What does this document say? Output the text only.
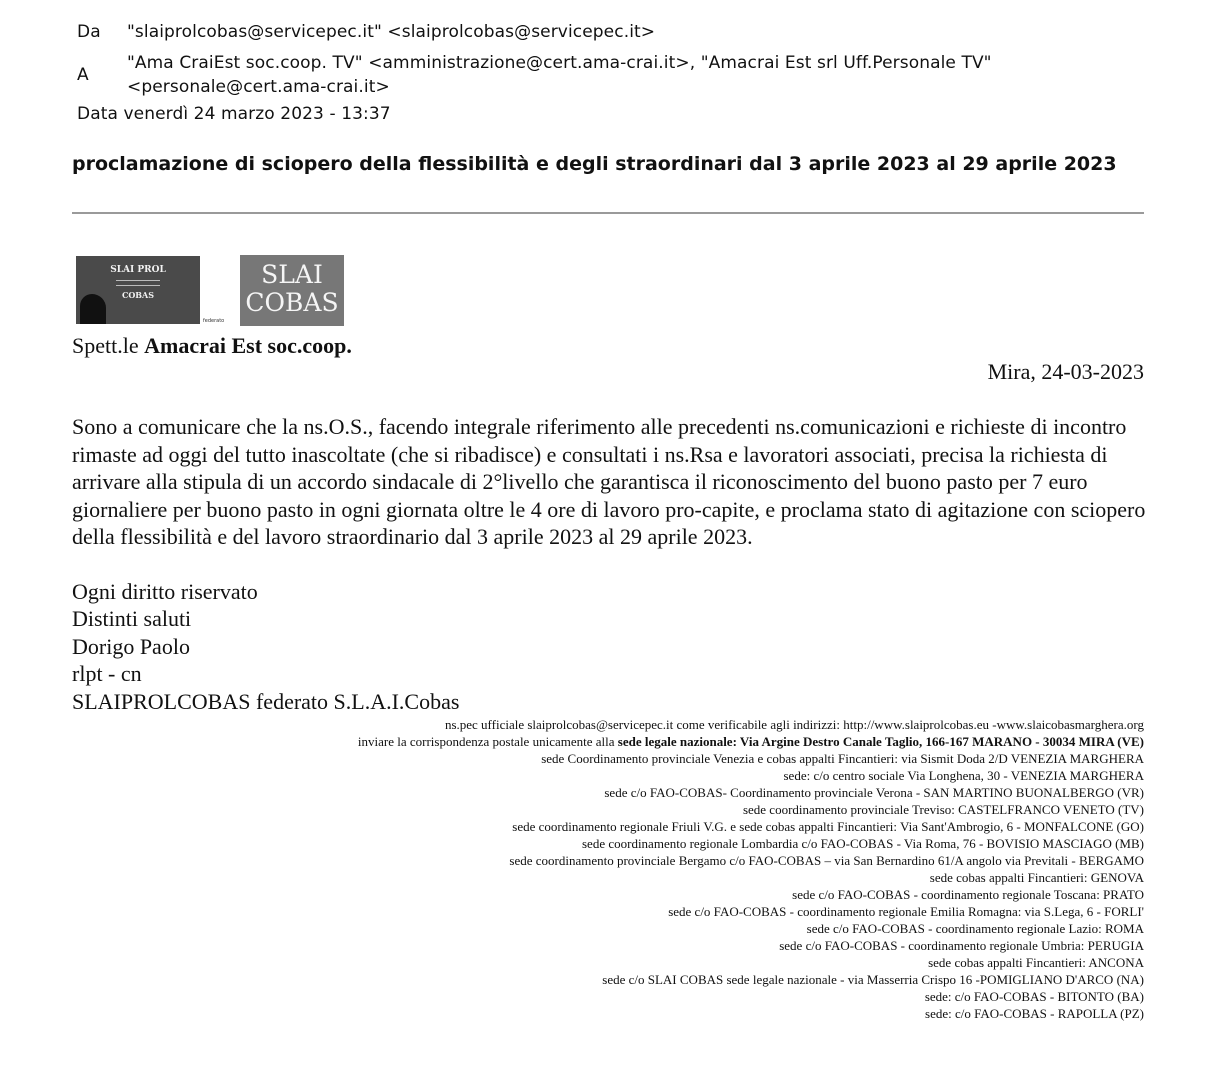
Da "slaiprolcobas@servicepec.it" <slaiprolcobas@servicepec.it>
A
"Ama CraiEst soc.coop. TV" <amministrazione@cert.ama-crai.it>, "Amacrai Est srl Uff.Personale TV"
<personale@cert.ama-crai.it>
Data venerdì 24 marzo 2023 - 13:37
proclamazione di sciopero della flessibilità e degli straordinari dal 3 aprile 2023 al 29 aprile 2023
SLAI PROL
COBAS
federato
SLAI
COBAS
Spett.le Amacrai Est soc.coop.
Mira, 24-03-2023
Sono a comunicare che la ns.O.S., facendo integrale riferimento alle precedenti ns.comunicazioni e richieste di incontro rimaste ad oggi del tutto inascoltate (che si ribadisce) e consultati i ns.Rsa e lavoratori associati, precisa la richiesta di arrivare alla stipula di un accordo sindacale di 2°livello che garantisca il riconoscimento del buono pasto per 7 euro giornaliere per buono pasto in ogni giornata oltre le 4 ore di lavoro pro-capite, e proclama stato di agitazione con sciopero della flessibilità e del lavoro straordinario dal 3 aprile 2023 al 29 aprile 2023.
Ogni diritto riservato
Distinti saluti
Dorigo Paolo
rlpt - cn
SLAIPROLCOBAS federato S.L.A.I.Cobas
ns.pec ufficiale slaiprolcobas@servicepec.it come verificabile agli indirizzi: http://www.slaiprolcobas.eu -www.slaicobasmarghera.org
inviare la corrispondenza postale unicamente alla sede legale nazionale: Via Argine Destro Canale Taglio, 166-167 MARANO - 30034 MIRA (VE)
sede Coordinamento provinciale Venezia e cobas appalti Fincantieri: via Sismit Doda 2/D VENEZIA MARGHERA
sede: c/o centro sociale Via Longhena, 30 - VENEZIA MARGHERA
sede c/o FAO-COBAS- Coordinamento provinciale Verona - SAN MARTINO BUONALBERGO (VR)
sede coordinamento provinciale Treviso: CASTELFRANCO VENETO (TV)
sede coordinamento regionale Friuli V.G. e sede cobas appalti Fincantieri: Via Sant'Ambrogio, 6 - MONFALCONE (GO)
sede coordinamento regionale Lombardia c/o FAO-COBAS - Via Roma, 76 - BOVISIO MASCIAGO (MB)
sede coordinamento provinciale Bergamo c/o FAO-COBAS – via San Bernardino 61/A angolo via Previtali - BERGAMO
sede cobas appalti Fincantieri: GENOVA
sede c/o FAO-COBAS - coordinamento regionale Toscana: PRATO
sede c/o FAO-COBAS - coordinamento regionale Emilia Romagna: via S.Lega, 6 - FORLI'
sede c/o FAO-COBAS - coordinamento regionale Lazio: ROMA
sede c/o FAO-COBAS - coordinamento regionale Umbria: PERUGIA
sede cobas appalti Fincantieri: ANCONA
sede c/o SLAI COBAS sede legale nazionale - via Masserria Crispo 16 -POMIGLIANO D'ARCO (NA)
sede: c/o FAO-COBAS - BITONTO (BA)
sede: c/o FAO-COBAS - RAPOLLA (PZ)
